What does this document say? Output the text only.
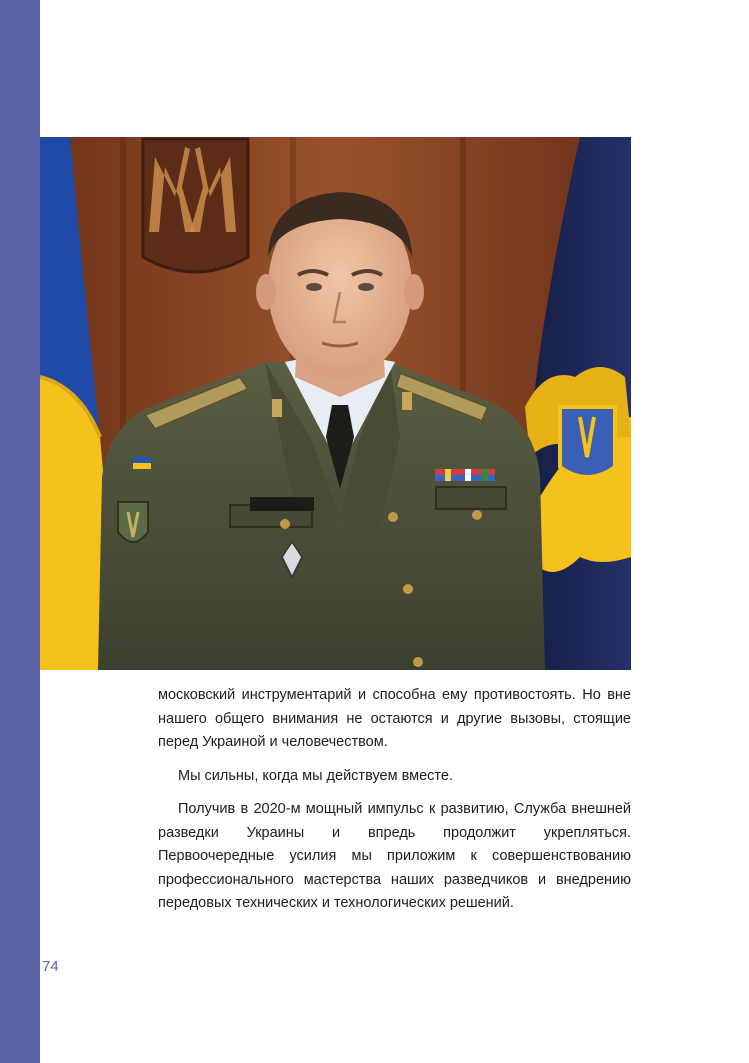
московский инструментарий и способна ему противостоять. Но вне нашего общего внимания не остаются и другие вызовы, стоящие перед Украиной и человечеством.

Мы сильны, когда мы действуем вместе.

Получив в 2020-м мощный импульс к развитию, Служба внешней разведки Украины и впредь продолжит укрепляться. Первоочередные усилия мы приложим к совершенствованию профессионального мастерства наших разведчиков и внедрению передовых технических и технологических решений.

74
